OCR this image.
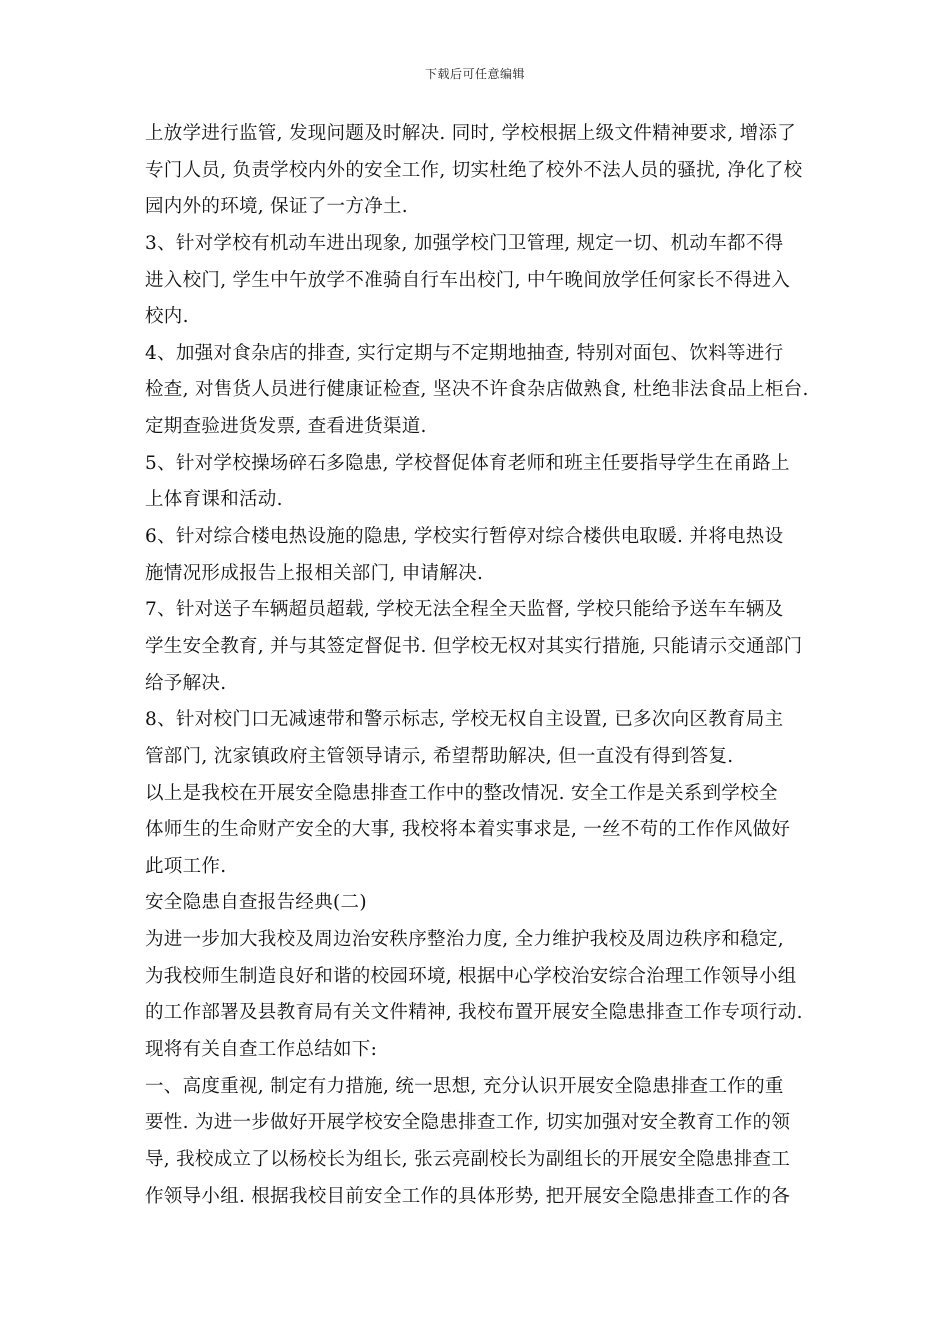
下载后可任意编辑
上放学进行监管, 发现问题及时解决. 同时, 学校根据上级文件精神要求, 增添了
专门人员, 负责学校内外的安全工作, 切实杜绝了校外不法人员的骚扰, 净化了校
园内外的环境, 保证了一方净土.
3、针对学校有机动车进出现象, 加强学校门卫管理, 规定一切、机动车都不得
进入校门, 学生中午放学不准骑自行车出校门, 中午晚间放学任何家长不得进入
校内.
4、加强对食杂店的排查, 实行定期与不定期地抽查, 特别对面包、饮料等进行
检查, 对售货人员进行健康证检查, 坚决不许食杂店做熟食, 杜绝非法食品上柜台.
定期查验进货发票, 查看进货渠道.
5、针对学校操场碎石多隐患, 学校督促体育老师和班主任要指导学生在甬路上
上体育课和活动.
6、针对综合楼电热设施的隐患, 学校实行暂停对综合楼供电取暖. 并将电热设
施情况形成报告上报相关部门, 申请解决.
7、针对送子车辆超员超载, 学校无法全程全天监督, 学校只能给予送车车辆及
学生安全教育, 并与其签定督促书. 但学校无权对其实行措施, 只能请示交通部门
给予解决.
8、针对校门口无减速带和警示标志, 学校无权自主设置, 已多次向区教育局主
管部门, 沈家镇政府主管领导请示, 希望帮助解决, 但一直没有得到答复.
以上是我校在开展安全隐患排查工作中的整改情况. 安全工作是关系到学校全
体师生的生命财产安全的大事, 我校将本着实事求是, 一丝不苟的工作作风做好
此项工作.
安全隐患自查报告经典(二)
为进一步加大我校及周边治安秩序整治力度, 全力维护我校及周边秩序和稳定,
为我校师生制造良好和谐的校园环境, 根据中心学校治安综合治理工作领导小组
的工作部署及县教育局有关文件精神, 我校布置开展安全隐患排查工作专项行动.
现将有关自查工作总结如下:
一、高度重视, 制定有力措施, 统一思想, 充分认识开展安全隐患排查工作的重
要性. 为进一步做好开展学校安全隐患排查工作, 切实加强对安全教育工作的领
导, 我校成立了以杨校长为组长, 张云亮副校长为副组长的开展安全隐患排查工
作领导小组. 根据我校目前安全工作的具体形势, 把开展安全隐患排查工作的各
